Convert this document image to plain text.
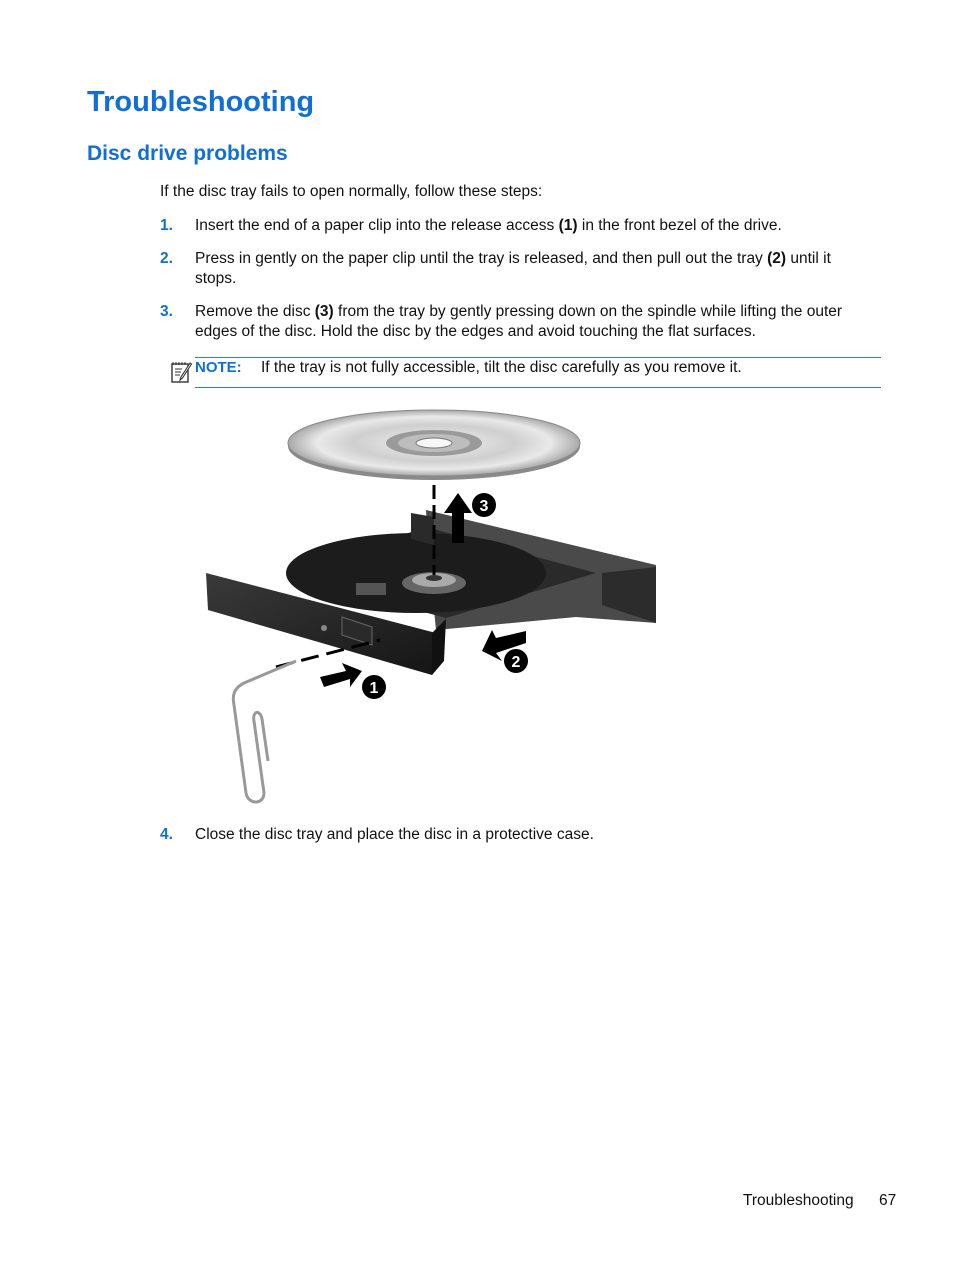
Troubleshooting
Disc drive problems
If the disc tray fails to open normally, follow these steps:
1. Insert the end of a paper clip into the release access (1) in the front bezel of the drive.
2. Press in gently on the paper clip until the tray is released, and then pull out the tray (2) until it stops.
3. Remove the disc (3) from the tray by gently pressing down on the spindle while lifting the outer edges of the disc. Hold the disc by the edges and avoid touching the flat surfaces.
NOTE: If the tray is not fully accessible, tilt the disc carefully as you remove it.
1
2
3
4. Close the disc tray and place the disc in a protective case.
Troubleshooting 67
